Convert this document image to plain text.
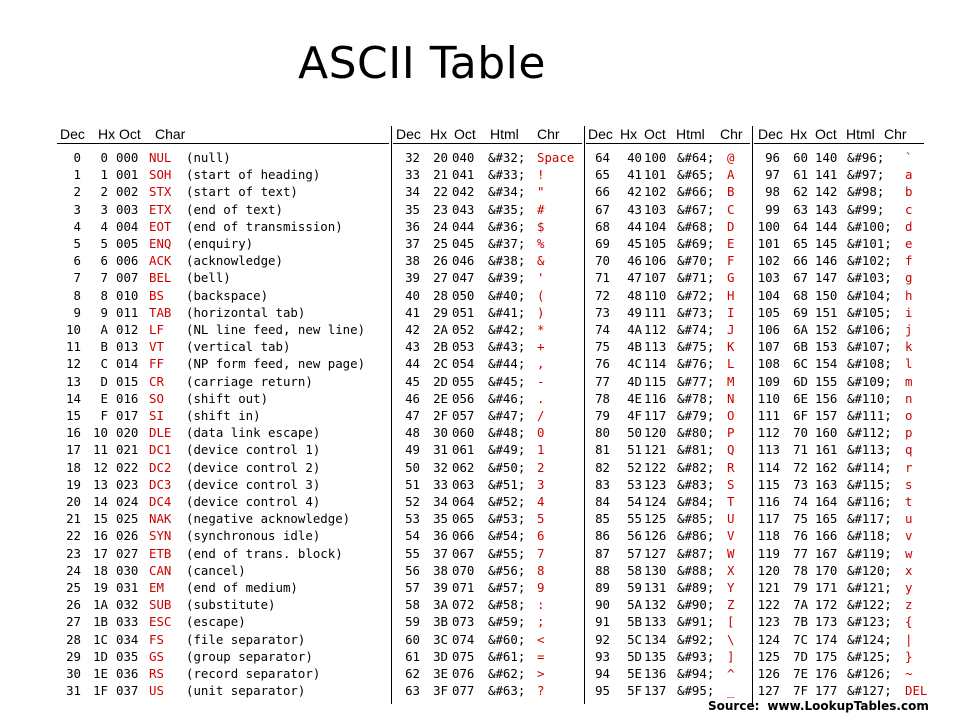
ASCII Table
Dec Hx Oct Char	Dec Hx Oct Html Chr Dec Hx Oct Html Chr Dec Hx Oct Html Chr
0	0 000 NUL	(null)
1	1 001 SOH	(start of heading)
2	2 002 STX	(start of text)
3	3 003 ETX	(end of text)
4	4 004 EOT	(end of transmission)
5	5 005 ENQ	(enquiry)
6	6 006 ACK	(acknowledge)
7	7 007 BEL	(bell)
8	8 010 BS	(backspace)
9	9 011 TAB	(horizontal tab)
10	A 012 LF	(NL line feed, new line)
11	B 013 VT	(vertical tab)
12	C 014 FF	(NP form feed, new page)
13	D 015 CR	(carriage return)
14	E 016 SO	(shift out)
15	F 017 SI	(shift in)
16 10 020 DLE	(data link escape)
17 11 021 DC1	(device control 1)
18 12 022 DC2	(device control 2)
19 13 023 DC3	(device control 3)
20 14 024 DC4	(device control 4)
21 15 025 NAK	(negative acknowledge)
22 16 026 SYN	(synchronous idle)
23 17 027 ETB	(end of trans. block)
24 18 030 CAN	(cancel)
25 19 031 EM	(end of medium)
26 1A 032 SUB	(substitute)
27 1B 033 ESC	(escape)
28 1C 034 FS	(file separator)
29 1D 035 GS	(group separator)
30 1E 036 RS	(record separator)
31 1F 037 US	(unit separator)
32	20 040	&#32; Space
33	21 041	&#33; !
34	22 042	&#34; "
35	23 043	&#35; #
36	24 044	&#36; $
37	25 045	&#37; %
38	26 046	&#38; &
39	27 047	&#39; '
40	28 050	&#40; (
41	29 051	&#41; )
42	2A 052	&#42; *
43	2B 053	&#43; +
44	2C 054	&#44; ,
45	2D 055	&#45; -
46	2E 056	&#46; .
47	2F 057	&#47; /
48	30 060	&#48; 0
49	31 061	&#49; 1
50	32 062	&#50; 2
51	33 063	&#51; 3
52	34 064	&#52; 4
53	35 065	&#53; 5
54	36 066	&#54; 6
55	37 067	&#55; 7
56	38 070	&#56; 8
57	39 071	&#57; 9
58	3A 072	&#58; :
59	3B 073	&#59; ;
60	3C 074	&#60; <
61	3D 075	&#61; =
62	3E 076	&#62; >
63	3F 077	&#63; ?
64	40 100 &#64;	@
65	41 101 &#65;	A
66	42 102 &#66;	B
67	43 103 &#67;	C
68	44 104 &#68;	D
69	45 105 &#69;	E
70	46 106 &#70;	F
71	47 107 &#71;	G
72	48 110 &#72;	H
73	49 111 &#73;	I
74	4A 112 &#74;	J
75	4B 113 &#75;	K
76	4C 114 &#76;	L
77	4D 115 &#77;	M
78	4E 116 &#78;	N
79	4F 117 &#79;	O
80	50 120 &#80;	P
81	51 121 &#81;	Q
82	52 122 &#82;	R
83	53 123 &#83;	S
84	54 124 &#84;	T
85	55 125 &#85;	U
86	56 126 &#86;	V
87	57 127 &#87;	W
88	58 130 &#88;	X
89	59 131 &#89;	Y
90	5A 132 &#90;	Z
91	5B 133 &#91;	[
92	5C 134 &#92;	\
93	5D 135 &#93;	]
94	5E 136 &#94;	^
95	5F 137 &#95;	_
96	60 140 &#96;	`
97	61 141 &#97;	a
98	62 142 &#98;	b
99	63 143 &#99;	c
100	64 144 &#100;	d
101	65 145 &#101;	e
102	66 146 &#102;	f
103	67 147 &#103;	g
104	68 150 &#104;	h
105	69 151 &#105;	i
106	6A 152 &#106;	j
107	6B 153 &#107;	k
108	6C 154 &#108;	l
109	6D 155 &#109;	m
110	6E 156 &#110;	n
111	6F 157 &#111;	o
112	70 160 &#112;	p
113	71 161 &#113;	q
114	72 162 &#114;	r
115	73 163 &#115;	s
116	74 164 &#116;	t
117	75 165 &#117;	u
118	76 166 &#118;	v
119	77 167 &#119;	w
120	78 170 &#120;	x
121	79 171 &#121;	y
122	7A 172 &#122;	z
123	7B 173 &#123;	{
124	7C 174 &#124;	|
125	7D 175 &#125;	}
126	7E 176 &#126;	~
127	7F 177 &#127;	DEL
Source: www.LookupTables.com
